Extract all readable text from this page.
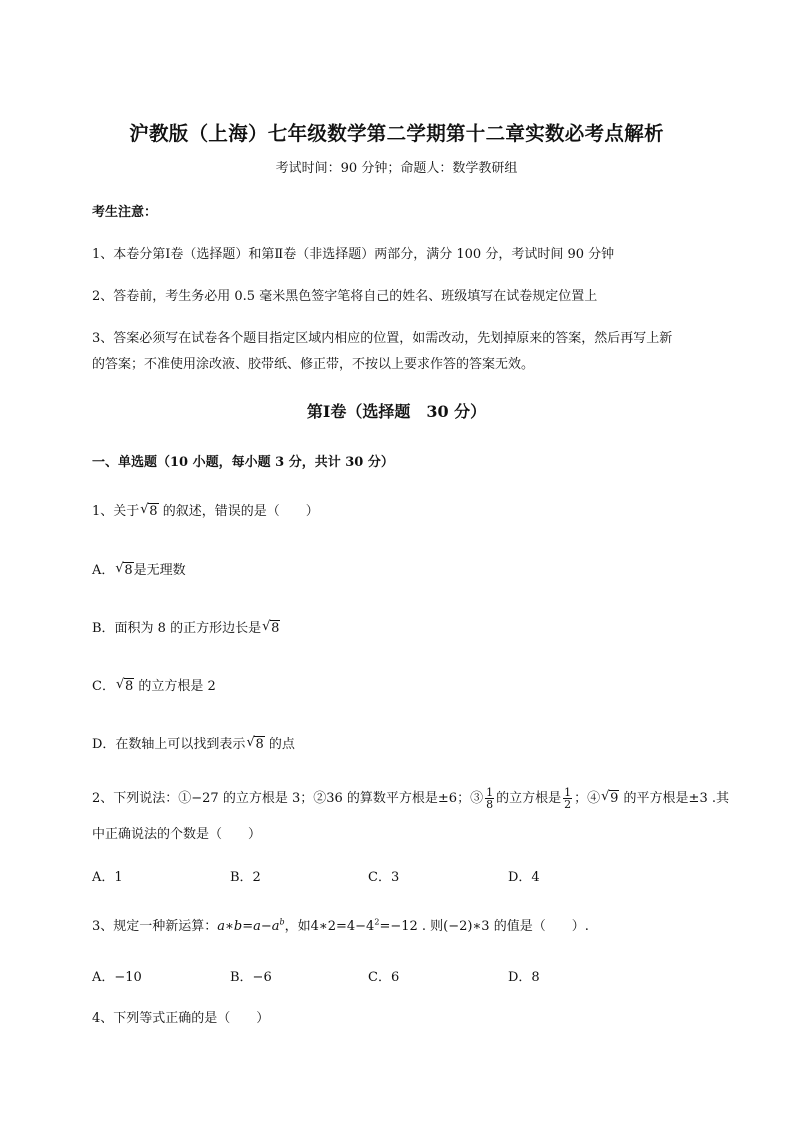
沪教版（上海）七年级数学第二学期第十二章实数必考点解析
考试时间：90 分钟；命题人：数学教研组
考生注意：
1、本卷分第Ⅰ卷（选择题）和第Ⅱ卷（非选择题）两部分，满分 100 分，考试时间 90 分钟
2、答卷前，考生务必用 0.5 毫米黑色签字笔将自己的姓名、班级填写在试卷规定位置上
3、答案必须写在试卷各个题目指定区域内相应的位置，如需改动，先划掉原来的答案，然后再写上新
的答案；不准使用涂改液、胶带纸、修正带，不按以上要求作答的答案无效。
第Ⅰ卷（选择题　30 分）
一、单选题（10 小题，每小题 3 分，共计 30 分）
1、关于 √ 8 的叙述，错误的是（　　）
A． √ 8是无理数
B．面积为 8 的正方形边长是 √ 8
C． √ 8 的立方根是 2
D．在数轴上可以找到表示 √ 8 的点
2、下列说法：①−27 的立方根是 3；②36 的算数平方根是±6；③ $\frac{1}{8}$ 的立方根是 $\frac{1}{2}$ ；④ √ 9 的平方根是±3 .其
中正确说法的个数是（　　）
A．1	B．2	C．3	D．4
3、规定一种新运算：$a∗b=a-a^b$，如$4∗2=4-4^2=-12$ . 则(−2)∗3 的值是（　　）.
A．−10	B．−6	C．6	D．8
4、下列等式正确的是（　　）
